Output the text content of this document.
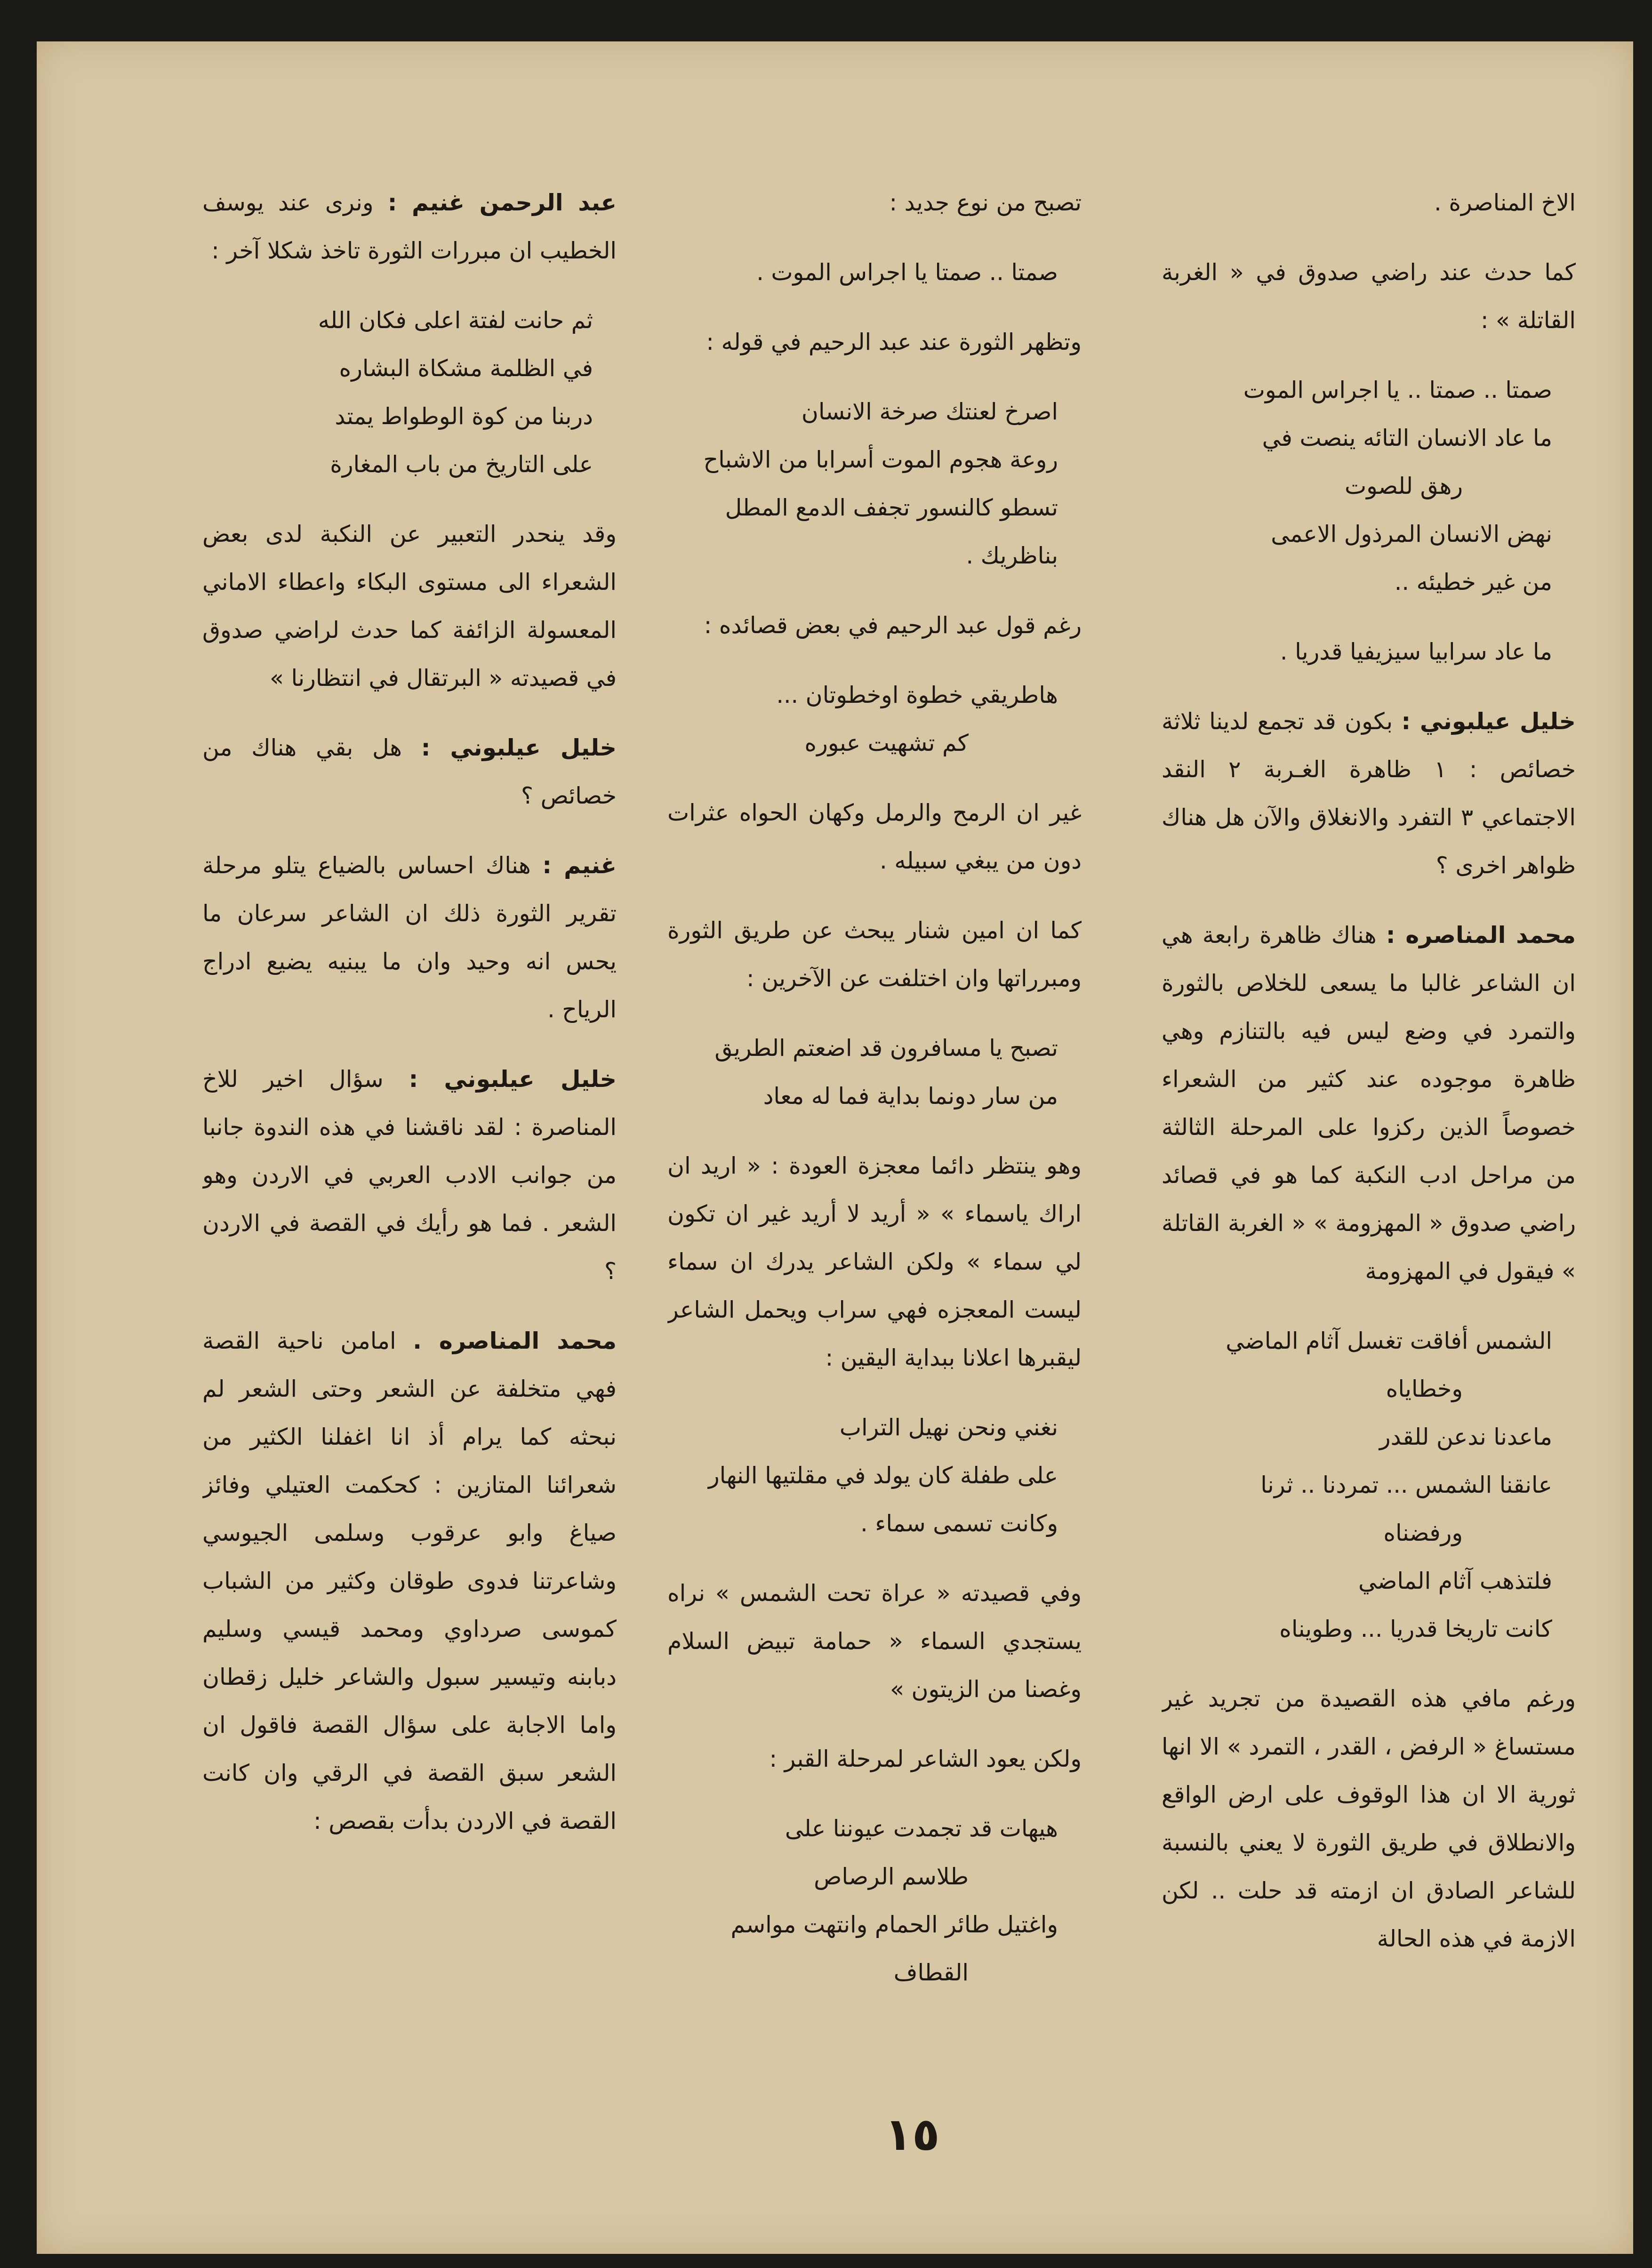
الاخ المناصرة .

كما حدث عند راضي صدوق في « الغربة القاتلة » :

صمتا .. صمتا .. يا اجراس الموت

ما عاد الانسان التائه ينصت في

رهق للصوت

نهض الانسان المرذول الاعمى

من غير خطيئه ..

ما عاد سرابيا سيزيفيا قدريا .

خليل عيلبوني : بكون قد تجمع لدينا ثلاثة خصائص : ١ ظاهرة الغـربة ٢ النقد الاجتماعي ٣ التفرد والانغلاق والآن هل هناك ظواهر اخرى ؟

محمد المناصره : هناك ظاهرة رابعة هي ان الشاعر غالبا ما يسعى للخلاص بالثورة والتمرد في وضع ليس فيه بالتنازم وهي ظاهرة موجوده عند كثير من الشعراء خصوصاً الذين ركزوا على المرحلة الثالثة من مراحل ادب النكبة كما هو في قصائد راضي صدوق « المهزومة » « الغربة القاتلة » فيقول في المهزومة

الشمس أفاقت تغسل آثام الماضي

وخطاياه

ماعدنا ندعن للقدر

عانقنا الشمس ... تمردنا .. ثرنا

ورفضناه

فلتذهب آثام الماضي

كانت تاريخا قدريا ... وطويناه

ورغم مافي هذه القصيدة من تجريد غير مستساغ « الرفض ، القدر ، التمرد » الا انها ثورية الا ان هذا الوقوف على ارض الواقع والانطلاق في طريق الثورة لا يعني بالنسبة للشاعر الصادق ان ازمته قد حلت .. لكن الازمة في هذه الحالة

تصبح من نوع جديد :

صمتا .. صمتا يا اجراس الموت .

وتظهر الثورة عند عبد الرحيم في قوله :

اصرخ لعنتك صرخة الانسان

روعة هجوم الموت أسرابا من الاشباح

تسطو كالنسور تجفف الدمع المطل

بناظريك .

رغم قول عبد الرحيم في بعض قصائده :

هاطريقي خطوة اوخطوتان ...

كم تشهيت عبوره

غير ان الرمح والرمل وكهان الحواه عثرات دون من يبغي سبيله .

كما ان امين شنار يبحث عن طريق الثورة ومبرراتها وان اختلفت عن الآخرين :

تصبح يا مسافرون قد اضعتم الطريق

من سار دونما بداية فما له معاد

وهو ينتظر دائما معجزة العودة : « اريد ان اراك ياسماء » « أريد لا أريد غير ان تكون لي سماء » ولكن الشاعر يدرك ان سماء ليست المعجزه فهي سراب ويحمل الشاعر ليقبرها اعلانا ببداية اليقين :

نغني ونحن نهيل التراب

على طفلة كان يولد في مقلتيها النهار

وكانت تسمى سماء .

وفي قصيدته « عراة تحت الشمس » نراه يستجدي السماء « حمامة تبيض السلام وغصنا من الزيتون »

ولكن يعود الشاعر لمرحلة القبر :

هيهات قد تجمدت عيوننا على

طلاسم الرصاص

واغتيل طائر الحمام وانتهت مواسم

القطاف

عبد الرحمن غنيم : ونرى عند يوسف الخطيب ان مبررات الثورة تاخذ شكلا آخر :

ثم حانت لفتة اعلى فكان الله

في الظلمة مشكاة البشاره

دربنا من كوة الوطواط يمتد

على التاريخ من باب المغارة

وقد ينحدر التعبير عن النكبة لدى بعض الشعراء الى مستوى البكاء واعطاء الاماني المعسولة الزائفة كما حدث لراضي صدوق في قصيدته « البرتقال في انتظارنا »

خليل عيلبوني : هل بقي هناك من خصائص ؟

غنيم : هناك احساس بالضياع يتلو مرحلة تقرير الثورة ذلك ان الشاعر سرعان ما يحس انه وحيد وان ما يبنيه يضيع ادراج الرياح .

خليل عيلبوني : سؤال اخير للاخ المناصرة : لقد ناقشنا في هذه الندوة جانبا من جوانب الادب العربي في الاردن وهو الشعر . فما هو رأيك في القصة في الاردن ؟

محمد المناصره . امامن ناحية القصة فهي متخلفة عن الشعر وحتى الشعر لم نبحثه كما يرام أذ انا اغفلنا الكثير من شعرائنا المتازين : كحكمت العتيلي وفائز صياغ وابو عرقوب وسلمى الجيوسي وشاعرتنا فدوى طوقان وكثير من الشباب كموسى صرداوي ومحمد قيسي وسليم دبابنه وتيسير سبول والشاعر خليل زقطان واما الاجابة على سؤال القصة فاقول ان الشعر سبق القصة في الرقي وان كانت القصة في الاردن بدأت بقصص :

١٥
